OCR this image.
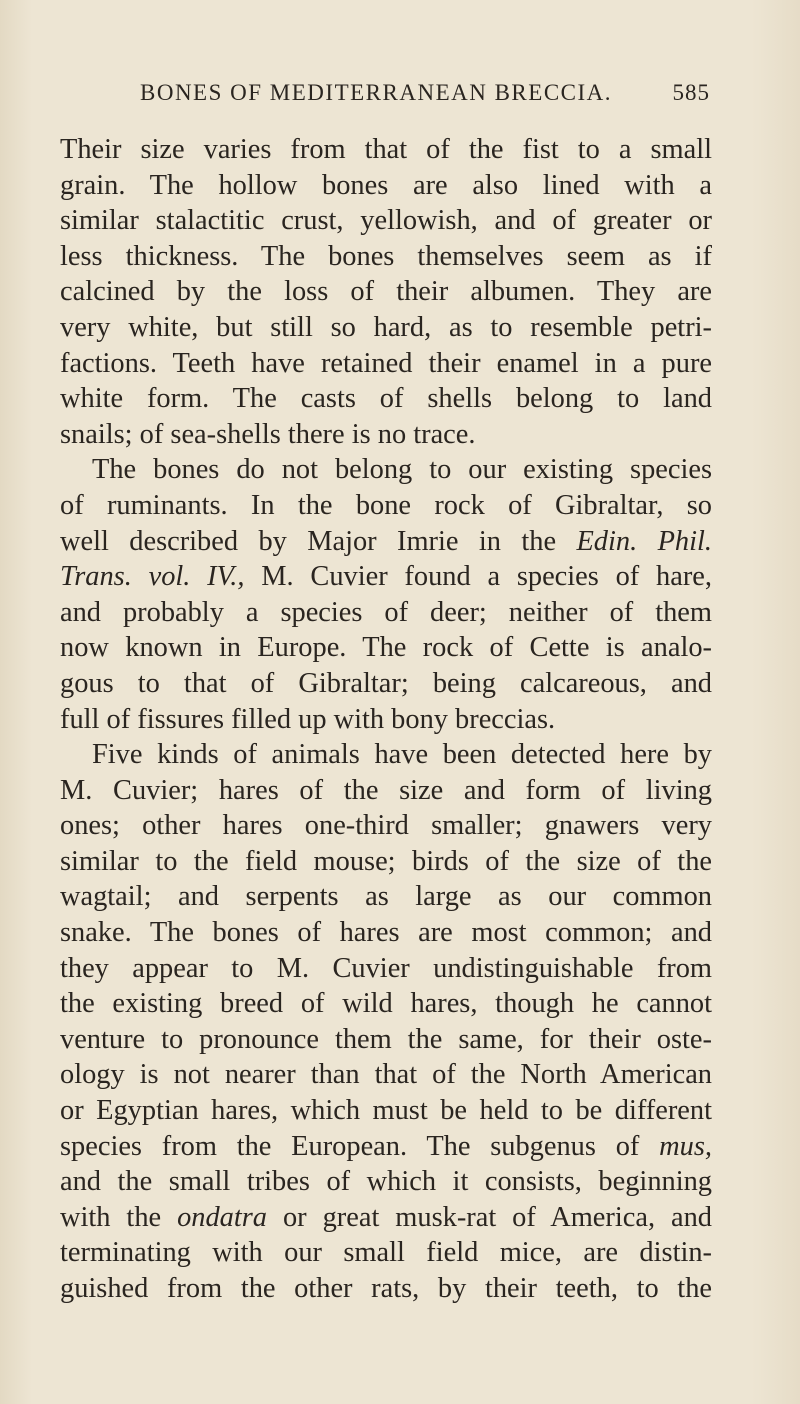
BONES OF MEDITERRANEAN BRECCIA.	585
Their size varies from that of the fist to a small
grain. The hollow bones are also lined with a
similar stalactitic crust, yellowish, and of greater or
less thickness. The bones themselves seem as if
calcined by the loss of their albumen. They are
very white, but still so hard, as to resemble petri-
factions. Teeth have retained their enamel in a pure
white form. The casts of shells belong to land
snails; of sea-shells there is no trace.
The bones do not belong to our existing species
of ruminants. In the bone rock of Gibraltar, so
well described by Major Imrie in the Edin. Phil.
Trans. vol. IV., M. Cuvier found a species of hare,
and probably a species of deer; neither of them
now known in Europe. The rock of Cette is analo-
gous to that of Gibraltar; being calcareous, and
full of fissures filled up with bony breccias.
Five kinds of animals have been detected here by
M. Cuvier; hares of the size and form of living
ones; other hares one-third smaller; gnawers very
similar to the field mouse; birds of the size of the
wagtail; and serpents as large as our common
snake. The bones of hares are most common; and
they appear to M. Cuvier undistinguishable from
the existing breed of wild hares, though he cannot
venture to pronounce them the same, for their oste-
ology is not nearer than that of the North American
or Egyptian hares, which must be held to be different
species from the European. The subgenus of mus,
and the small tribes of which it consists, beginning
with the ondatra or great musk-rat of America, and
terminating with our small field mice, are distin-
guished from the other rats, by their teeth, to the
